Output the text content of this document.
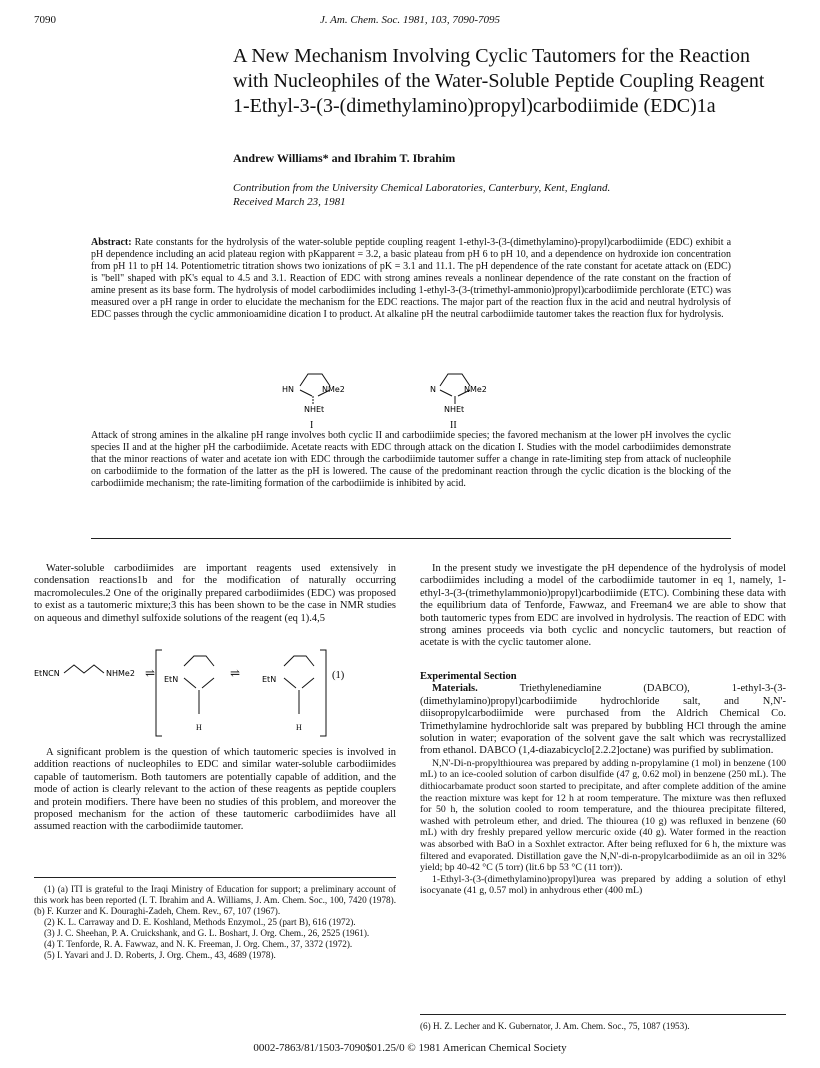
7090	J. Am. Chem. Soc. 1981, 103, 7090-7095
A New Mechanism Involving Cyclic Tautomers for the Reaction with Nucleophiles of the Water-Soluble Peptide Coupling Reagent 1-Ethyl-3-(3-(dimethylamino)propyl)carbodiimide (EDC)1a
Andrew Williams* and Ibrahim T. Ibrahim
Contribution from the University Chemical Laboratories, Canterbury, Kent, England.
Received March 23, 1981
Abstract: Rate constants for the hydrolysis of the water-soluble peptide coupling reagent 1-ethyl-3-(3-(dimethylamino)-propyl)carbodiimide (EDC) exhibit a pH dependence including an acid plateau region with pKapparent = 3.2, a basic plateau from pH 6 to pH 10, and a dependence on hydroxide ion concentration from pH 11 to pH 14. Potentiometric titration shows two ionizations of pK = 3.1 and 11.1. The pH dependence of the rate constant for acetate attack on (EDC) is "bell" shaped with pK's equal to 4.5 and 3.1. Reaction of EDC with strong amines reveals a nonlinear dependence of the rate constant on the fraction of amine present as its base form. The hydrolysis of model carbodiimides including 1-ethyl-3-(3-(trimethyl-ammonio)propyl)carbodiimide perchlorate (ETC) was measured over a pH range in order to elucidate the mechanism for the EDC reactions. The major part of the reaction flux in the acid and neutral hydrolysis of EDC passes through the cyclic ammonioamidine dication I to product. At alkaline pH the neutral carbodiimide tautomer takes the reaction flux for hydrolysis.
HN	NMe2
NHEt
I
N	NMe2
NHEt
II
Attack of strong amines in the alkaline pH range involves both cyclic II and carbodiimide species; the favored mechanism at the lower pH involves the cyclic species II and at the higher pH the carbodiimide. Acetate reacts with EDC through attack on the dication I. Studies with the model carbodiimides demonstrate that the minor reactions of water and acetate ion with EDC through the carbodiimide tautomer suffer a change in rate-limiting step from attack of nucleophile on carbodiimide to the formation of the latter as the pH is lowered. The cause of the predominant reaction through the cyclic dication is the blocking of the carbodiimide mechanism; the rate-limiting formation of the carbodiimide is inhibited by acid.

Water-soluble carbodiimides are important reagents used extensively in condensation reactions1b and for the modification of naturally occurring macromolecules.2 One of the originally prepared carbodiimides (EDC) was proposed to exist as a tautomeric mixture;3 this has been shown to be the case in NMR studies on aqueous and dimethyl sulfoxide solutions of the reagent (eq 1).4,5

EtNCN	NHMe2 ⇌ EtN
H
⇌	EtN
H
(1)

A significant problem is the question of which tautomeric species is involved in addition reactions of nucleophiles to EDC and similar water-soluble carbodiimides capable of tautomerism. Both tautomers are potentially capable of addition, and the mode of action is clearly relevant to the action of these reagents as peptide couplers and protein modifiers. There have been no studies of this problem, and moreover the proposed mechanism for the action of these tautomeric carbodiimides have all assumed reaction with the carbodiimide tautomer.

(1) (a) ITI is grateful to the Iraqi Ministry of Education for support; a preliminary account of this work has been reported (I. T. Ibrahim and A. Williams, J. Am. Chem. Soc., 100, 7420 (1978). (b) F. Kurzer and K. Douraghi-Zadeh, Chem. Rev., 67, 107 (1967).
(2) K. L. Carraway and D. E. Koshland, Methods Enzymol., 25 (part B), 616 (1972).
(3) J. C. Sheehan, P. A. Cruickshank, and G. L. Boshart, J. Org. Chem., 26, 2525 (1961).
(4) T. Tenforde, R. A. Fawwaz, and N. K. Freeman, J. Org. Chem., 37, 3372 (1972).
(5) I. Yavari and J. D. Roberts, J. Org. Chem., 43, 4689 (1978).

In the present study we investigate the pH dependence of the hydrolysis of model carbodiimides including a model of the carbodiimide tautomer in eq 1, namely, 1-ethyl-3-(3-(trimethylammonio)propyl)carbodiimide (ETC). Combining these data with the equilibrium data of Tenforde, Fawwaz, and Freeman4 we are able to show that both tautomeric types from EDC are involved in hydrolysis. The reaction of EDC with strong amines proceeds via both cyclic and noncyclic tautomers, but reaction of acetate is with the cyclic tautomer alone.

Experimental Section

Materials.	Triethylenediamine (DABCO), 1-ethyl-3-(3-(dimethylamino)propyl)carbodiimide hydrochloride salt, and N,N'-diisopropylcarbodiimide were purchased from the Aldrich Chemical Co. Trimethylamine hydrochloride salt was prepared by bubbling HCl through the amine solution in water; evaporation of the solvent gave the salt which was recrystallized from ethanol. DABCO (1,4-diazabicyclo[2.2.2]octane) was purified by sublimation.

N,N'-Di-n-propylthiourea was prepared by adding n-propylamine (1 mol) in benzene (100 mL) to an ice-cooled solution of carbon disulfide (47 g, 0.62 mol) in benzene (250 mL). The dithiocarbamate product soon started to precipitate, and after complete addition of the amine the reaction mixture was kept for 12 h at room temperature. The mixture was then refluxed for 50 h, the solution cooled to room temperature, and the thiourea precipitate filtered, washed with petroleum ether, and dried. The thiourea (10 g) was refluxed in benzene (60 mL) with dry freshly prepared yellow mercuric oxide (40 g). Water formed in the reaction was absorbed with BaO in a Soxhlet extractor. After being refluxed for 6 h, the mixture was filtered and evaporated. Distillation gave the N,N'-di-n-propylcarbodiimide as an oil in 32% yield; bp 40-42 °C (5 torr) (lit.6 bp 53 °C (11 torr)).

1-Ethyl-3-(3-(dimethylamino)propyl)urea was prepared by adding a solution of ethyl isocyanate (41 g, 0.57 mol) in anhydrous ether (400 mL)

(6) H. Z. Lecher and K. Gubernator, J. Am. Chem. Soc., 75, 1087 (1953).
0002-7863/81/1503-7090$01.25/0 © 1981 American Chemical Society
